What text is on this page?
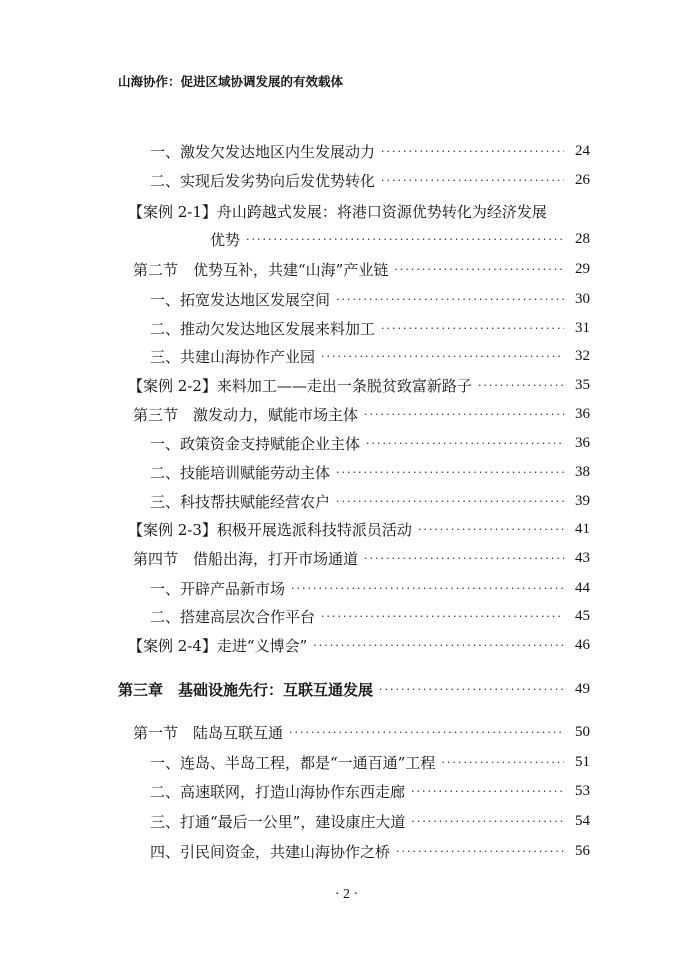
山海协作：促进区域协调发展的有效载体
一、激发欠发达地区内生发展动力 ·····	24
二、实现后发劣势向后发优势转化 ·····	26
【案例 2-1】舟山跨越式发展：将港口资源优势转化为经济发展
优势 ·····	28
第二节　优势互补，共建“山海”产业链 ·····	29
一、拓宽发达地区发展空间 ·····	30
二、推动欠发达地区发展来料加工 ·····	31
三、共建山海协作产业园 ·····	32
【案例 2-2】来料加工——走出一条脱贫致富新路子 ·····	35
第三节　激发动力，赋能市场主体 ·····	36
一、政策资金支持赋能企业主体 ·····	36
二、技能培训赋能劳动主体 ·····	38
三、科技帮扶赋能经营农户 ·····	39
【案例 2-3】积极开展选派科技特派员活动 ·····	41
第四节　借船出海，打开市场通道 ·····	43
一、开辟产品新市场 ·····	44
二、搭建高层次合作平台 ·····	45
【案例 2-4】走进“义博会” ·····	46
第三章　基础设施先行：互联互通发展 ·····	49
第一节　陆岛互联互通 ·····	50
一、连岛、半岛工程，都是“一通百通”工程 ·····	51
二、高速联网，打造山海协作东西走廊 ·····	53
三、打通“最后一公里”，建设康庄大道 ·····	54
四、引民间资金，共建山海协作之桥 ·····	56
· 2 ·
